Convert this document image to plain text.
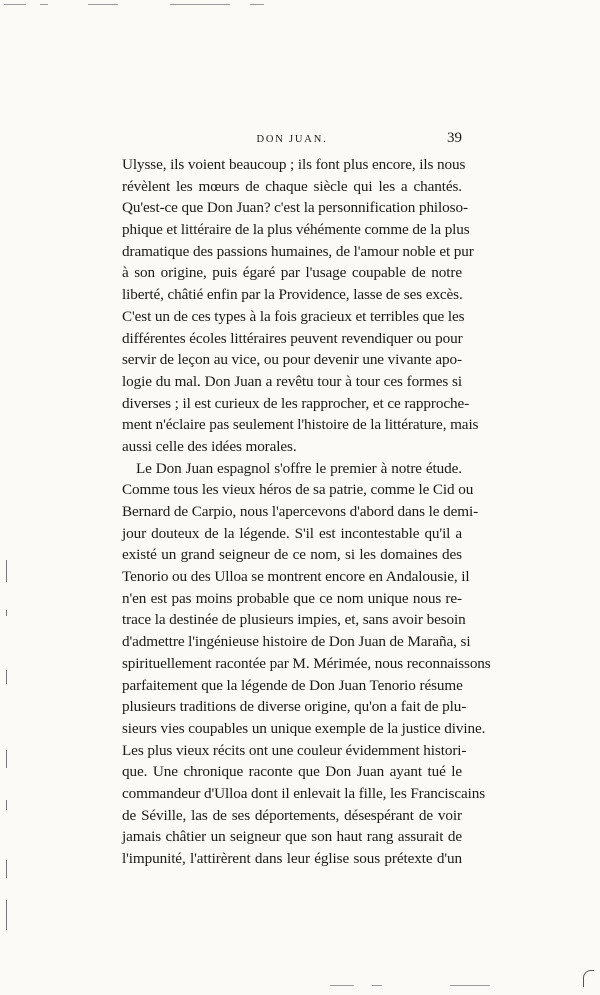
DON JUAN.	39
Ulysse, ils voient beaucoup ; ils font plus encore, ils nous
révèlent les mœurs de chaque siècle qui les a chantés.
Qu'est-ce que Don Juan? c'est la personnification philoso-
phique et littéraire de la plus véhémente comme de la plus
dramatique des passions humaines, de l'amour noble et pur
à son origine, puis égaré par l'usage coupable de notre
liberté, châtié enfin par la Providence, lasse de ses excès.
C'est un de ces types à la fois gracieux et terribles que les
différentes écoles littéraires peuvent revendiquer ou pour
servir de leçon au vice, ou pour devenir une vivante apo-
logie du mal. Don Juan a revêtu tour à tour ces formes si
diverses ; il est curieux de les rapprocher, et ce rapproche-
ment n'éclaire pas seulement l'histoire de la littérature, mais
aussi celle des idées morales.
Le Don Juan espagnol s'offre le premier à notre étude.
Comme tous les vieux héros de sa patrie, comme le Cid ou
Bernard de Carpio, nous l'apercevons d'abord dans le demi-
jour douteux de la légende. S'il est incontestable qu'il a
existé un grand seigneur de ce nom, si les domaines des
Tenorio ou des Ulloa se montrent encore en Andalousie, il
n'en est pas moins probable que ce nom unique nous re-
trace la destinée de plusieurs impies, et, sans avoir besoin
d'admettre l'ingénieuse histoire de Don Juan de Maraña, si
spirituellement racontée par M. Mérimée, nous reconnaissons
parfaitement que la légende de Don Juan Tenorio résume
plusieurs traditions de diverse origine, qu'on a fait de plu-
sieurs vies coupables un unique exemple de la justice divine.
Les plus vieux récits ont une couleur évidemment histori-
que. Une chronique raconte que Don Juan ayant tué le
commandeur d'Ulloa dont il enlevait la fille, les Franciscains
de Séville, las de ses déportements, désespérant de voir
jamais châtier un seigneur que son haut rang assurait de
l'impunité, l'attirèrent dans leur église sous prétexte d'un
